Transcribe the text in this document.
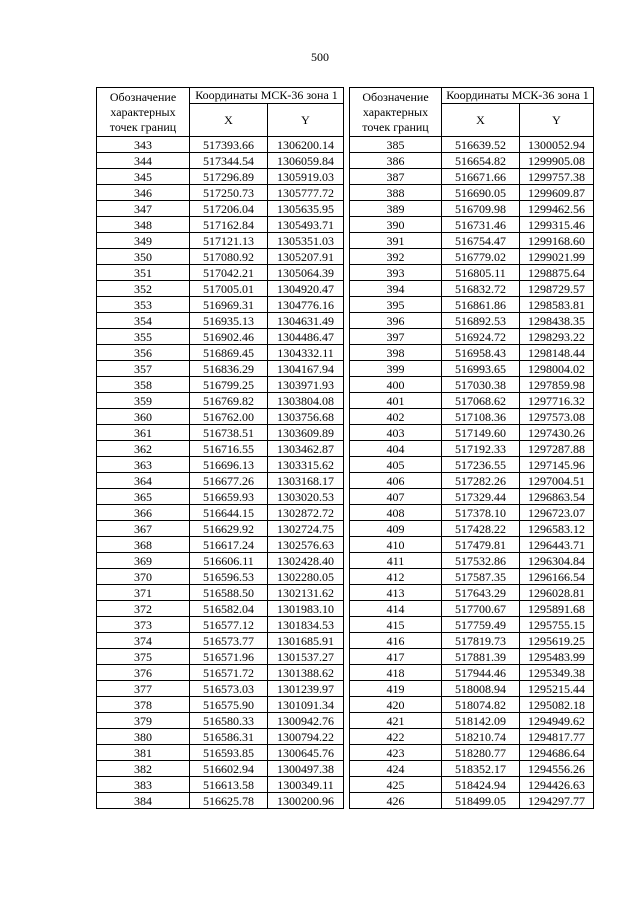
500
Обозначение характерных точек границ	Координаты МСК-36 зона 1	
	X	Y
343	517393.66	1306200.14
344	517344.54	1306059.84
345	517296.89	1305919.03
346	517250.73	1305777.72
347	517206.04	1305635.95
348	517162.84	1305493.71
349	517121.13	1305351.03
350	517080.92	1305207.91
351	517042.21	1305064.39
352	517005.01	1304920.47
353	516969.31	1304776.16
354	516935.13	1304631.49
355	516902.46	1304486.47
356	516869.45	1304332.11
357	516836.29	1304167.94
358	516799.25	1303971.93
359	516769.82	1303804.08
360	516762.00	1303756.68
361	516738.51	1303609.89
362	516716.55	1303462.87
363	516696.13	1303315.62
364	516677.26	1303168.17
365	516659.93	1303020.53
366	516644.15	1302872.72
367	516629.92	1302724.75
368	516617.24	1302576.63
369	516606.11	1302428.40
370	516596.53	1302280.05
371	516588.50	1302131.62
372	516582.04	1301983.10
373	516577.12	1301834.53
374	516573.77	1301685.91
375	516571.96	1301537.27
376	516571.72	1301388.62
377	516573.03	1301239.97
378	516575.90	1301091.34
379	516580.33	1300942.76
380	516586.31	1300794.22
381	516593.85	1300645.76
382	516602.94	1300497.38
383	516613.58	1300349.11
384	516625.78	1300200.96
Обозначение характерных точек границ	Координаты МСК-36 зона 1	
	X	Y
385	516639.52	1300052.94
386	516654.82	1299905.08
387	516671.66	1299757.38
388	516690.05	1299609.87
389	516709.98	1299462.56
390	516731.46	1299315.46
391	516754.47	1299168.60
392	516779.02	1299021.99
393	516805.11	1298875.64
394	516832.72	1298729.57
395	516861.86	1298583.81
396	516892.53	1298438.35
397	516924.72	1298293.22
398	516958.43	1298148.44
399	516993.65	1298004.02
400	517030.38	1297859.98
401	517068.62	1297716.32
402	517108.36	1297573.08
403	517149.60	1297430.26
404	517192.33	1297287.88
405	517236.55	1297145.96
406	517282.26	1297004.51
407	517329.44	1296863.54
408	517378.10	1296723.07
409	517428.22	1296583.12
410	517479.81	1296443.71
411	517532.86	1296304.84
412	517587.35	1296166.54
413	517643.29	1296028.81
414	517700.67	1295891.68
415	517759.49	1295755.15
416	517819.73	1295619.25
417	517881.39	1295483.99
418	517944.46	1295349.38
419	518008.94	1295215.44
420	518074.82	1295082.18
421	518142.09	1294949.62
422	518210.74	1294817.77
423	518280.77	1294686.64
424	518352.17	1294556.26
425	518424.94	1294426.63
426	518499.05	1294297.77
